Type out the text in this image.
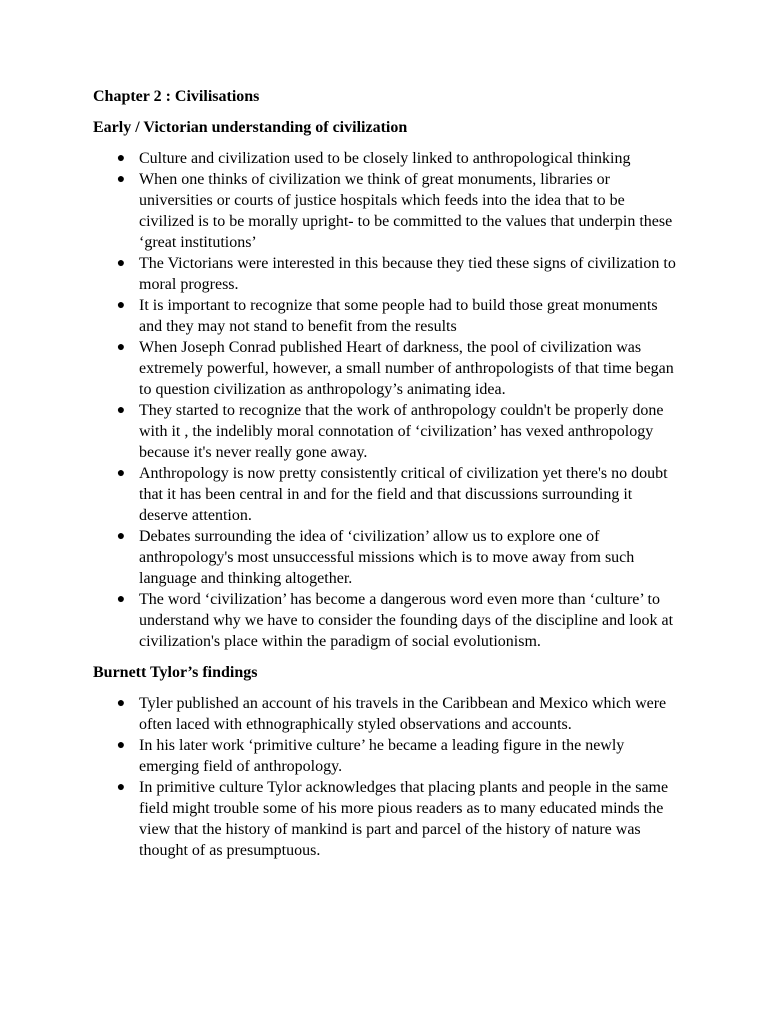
Chapter 2 : Civilisations

Early / Victorian understanding of civilization

● Culture and civilization used to be closely linked to anthropological thinking
● When one thinks of civilization we think of great monuments, libraries or universities or courts of justice hospitals which feeds into the idea that to be civilized is to be morally upright- to be committed to the values that underpin these ‘great institutions’
● The Victorians were interested in this because they tied these signs of civilization to moral progress.
● It is important to recognize that some people had to build those great monuments and they may not stand to benefit from the results
● When Joseph Conrad published Heart of darkness, the pool of civilization was extremely powerful, however, a small number of anthropologists of that time began to question civilization as anthropology’s animating idea.
● They started to recognize that the work of anthropology couldn't be properly done with it , the indelibly moral connotation of ‘civilization’ has vexed anthropology because it's never really gone away.
● Anthropology is now pretty consistently critical of civilization yet there's no doubt that it has been central in and for the field and that discussions surrounding it deserve attention.
● Debates surrounding the idea of ‘civilization’ allow us to explore one of anthropology's most unsuccessful missions which is to move away from such language and thinking altogether.
● The word ‘civilization’ has become a dangerous word even more than ‘culture’ to understand why we have to consider the founding days of the discipline and look at civilization's place within the paradigm of social evolutionism.

Burnett Tylor’s findings

● Tyler published an account of his travels in the Caribbean and Mexico which were often laced with ethnographically styled observations and accounts.
● In his later work ‘primitive culture’ he became a leading figure in the newly emerging field of anthropology.
● In primitive culture Tylor acknowledges that placing plants and people in the same field might trouble some of his more pious readers as to many educated minds the view that the history of mankind is part and parcel of the history of nature was thought of as presumptuous.
